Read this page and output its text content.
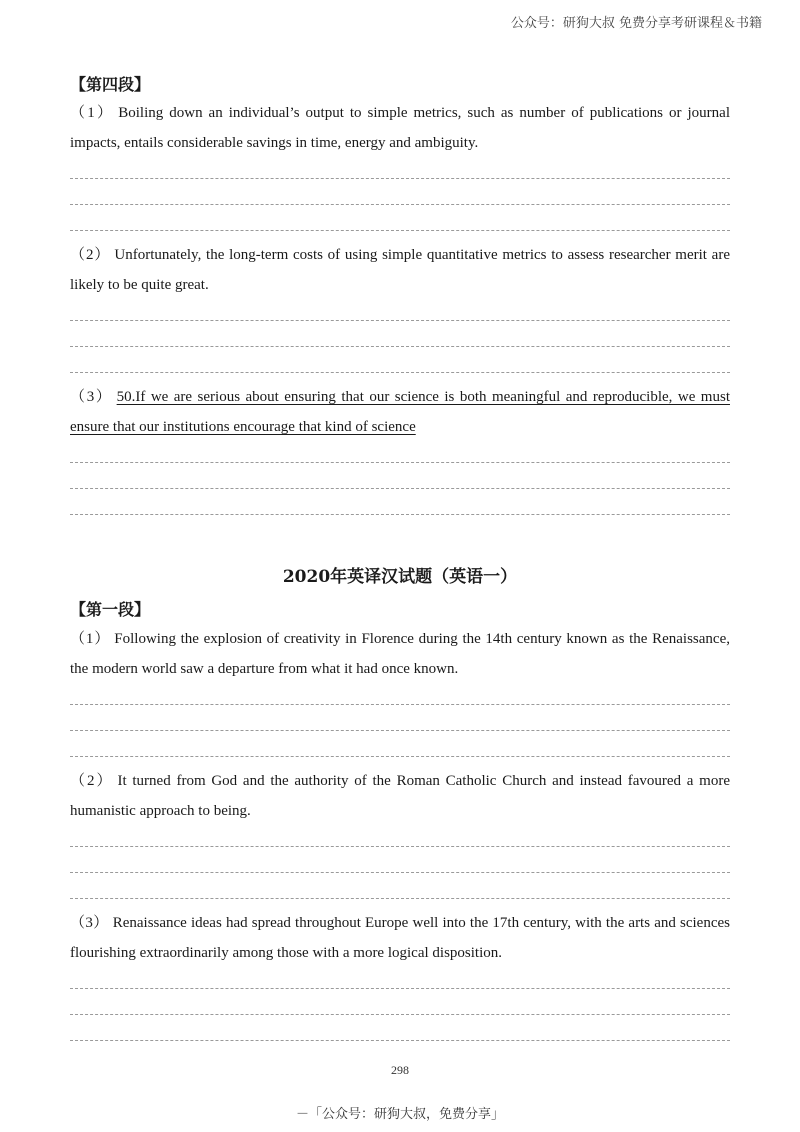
公众号：研狗大叔 免费分享考研课程＆书籍
【第四段】
（1） Boiling down an individual’s output to simple metrics, such as number of publications or journal impacts, entails considerable savings in time, energy and ambiguity.
（2） Unfortunately, the long-term costs of using simple quantitative metrics to assess researcher merit are likely to be quite great.
（3） 50.If we are serious about ensuring that our science is both meaningful and reproducible, we must ensure that our institutions encourage that kind of science
2020年英译汉试题（英语一）
【第一段】
（1） Following the explosion of creativity in Florence during the 14th century known as the Renaissance, the modern world saw a departure from what it had once known.
（2） It turned from God and the authority of the Roman Catholic Church and instead favoured a more humanistic approach to being.
（3） Renaissance ideas had spread throughout Europe well into the 17th century, with the arts and sciences flourishing extraordinarily among those with a more logical disposition.
298
－「公众号：研狗大叔，免费分享」
